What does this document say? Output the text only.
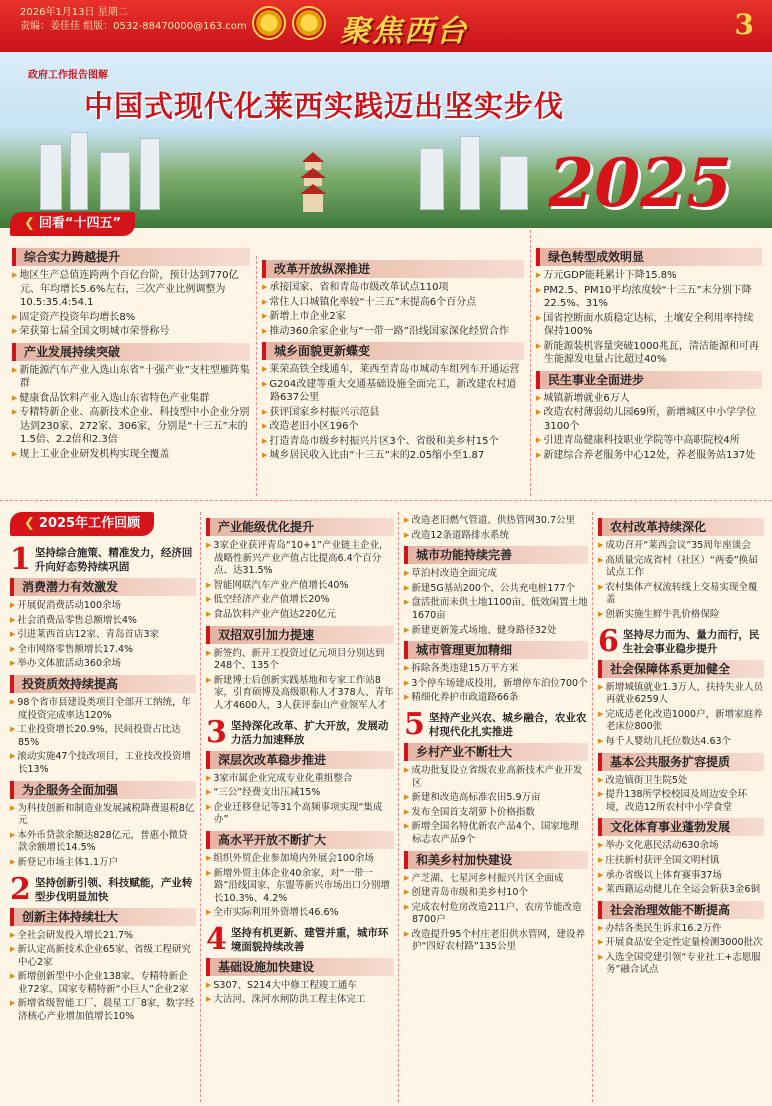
2026年1月13日 星期二
责编：姜佳佳 组版：0532-88470000@163.com	聚焦西台	3
政府工作报告图解
中国式现代化莱西实践迈出坚实步伐
2025
❮ 回看“十四五”
综合实力跨越提升
▶ 地区生产总值连跨两个百亿台阶，预计达到770亿元、年均增长5.6%左右，三次产业比例调整为10.5:35.4:54.1
▶ 固定资产投资年均增长8%
▶ 荣获第七届全国文明城市荣誉称号
产业发展持续突破
▶ 新能源汽车产业入选山东省“十强产业”支柱型雁阵集群
▶ 健康食品饮料产业入选山东省特色产业集群
▶ 专精特新企业、高新技术企业、科技型中小企业分别达到230家、272家、306家，分别是“十三五”末的1.5倍、2.2倍和2.3倍
▶ 规上工业企业研发机构实现全覆盖
改革开放纵深推进
▶ 承接国家、省和青岛市级改革试点110项
▶ 常住人口城镇化率较“十三五”末提高6个百分点
▶ 新增上市企业2家
▶ 推动360余家企业与“一带一路”沿线国家深化经贸合作
城乡面貌更新蝶变
▶ 莱荣高铁全线通车，莱西至青岛市城动车组列车开通运营
▶ G204改建等重大交通基础设施全面完工，新改建农村道路637公里
▶ 获评国家乡村振兴示范县
▶ 改造老旧小区196个
▶ 打造青岛市级乡村振兴片区3个、省级和美乡村15个
▶ 城乡居民收入比由“十三五”末的2.05缩小至1.87
绿色转型成效明显
▶ 万元GDP能耗累计下降15.8%
▶ PM2.5、PM10平均浓度较“十三五”末分别下降22.5%、31%
▶ 国省控断面水质稳定达标，土壤安全利用率持续保持100%
▶ 新能源装机容量突破1000兆瓦，清洁能源和可再生能源发电量占比超过40%
民生事业全面进步
▶ 城镇新增就业6万人
▶ 改造农村薄弱幼儿园69所，新增城区中小学学位3100个
▶ 引进青岛健康科技职业学院等中高职院校4所
▶ 新建综合养老服务中心12处，养老服务站137处
❮ 2025年工作回顾
1 坚持综合施策、精准发力，经济回升向好态势持续巩固
消费潜力有效激发
▶ 开展促消费活动100余场
▶ 社会消费品零售总额增长4%
▶ 引进莱西首店12家、青岛首店3家
▶ 全市网络零售额增长17.4%
▶ 举办文体旅活动360余场
投资质效持续提高
▶ 98个省市县建设类项目全部开工纳统，年度投资完成率达120%
▶ 工业投资增长20.9%，民间投资占比达85%
▶ 滚动实施47个技改项目，工业技改投资增长13%
为企服务全面加强
▶ 为科技创新和制造业发展减税降费退税8亿元
▶ 本外币贷款余额达828亿元，普惠小微贷款余额增长14.5%
▶ 新登记市场主体1.1万户
2 坚持创新引领、科技赋能，产业转型步伐明显加快
创新主体持续壮大
▶ 全社会研发投入增长21.7%
▶ 新认定高新技术企业65家、省级工程研究中心2家
▶ 新增创新型中小企业138家、专精特新企业72家、国家专精特新“小巨人”企业2家
▶ 新增省级智能工厂、晨星工厂8家，数字经济核心产业增加值增长10%
产业能级优化提升
▶ 3家企业获评青岛“10+1”产业链主企业，战略性新兴产业产值占比提高6.4个百分点、达31.5%
▶ 智能网联汽车产业产值增长40%
▶ 低空经济产业产值增长20%
▶ 食品饮料产业产值达220亿元
双招双引加力提速
▶ 新签约、新开工投资过亿元项目分别达到248个、135个
▶ 新建博士后创新实践基地和专家工作站8家，引育硕博及高级职称人才378人、青年人才4600人，3人获评泰山产业领军人才
3 坚持深化改革、扩大开放，发展动力活力加速释放
深层次改革稳步推进
▶ 3家市属企业完成专业化重组整合
▶ “三公”经费支出压减15%
▶ 企业迁移登记等31个高频事项实现“集成办”
高水平开放不断扩大
▶ 组织外贸企业参加境内外展会100余场
▶ 新增外贸主体企业40余家，对“一带一路”沿线国家、东盟等新兴市场出口分别增长10.3%、4.2%
▶ 全市实际利用外资增长46.6%
4 坚持有机更新、建管并重，城市环境面貌持续改善
基础设施加快建设
▶ S307、S214大中修工程竣工通车
▶ 大沽河、洙河水闸防洪工程主体完工
▶ 改造老旧燃气管道、供热管网30.7公里
▶ 改造12条道路排水系统
城市功能持续完善
▶ 草泊村改造全面完成
▶ 新建5G基站200个、公共充电桩177个
▶ 盘活批而未供土地1100亩、低效闲置土地1670亩
▶ 新建更新笼式场地、健身路径32处
城市管理更加精细
▶ 拆除各类违建15万平方米
▶ 3个停车场建成投用，新增停车泊位700个
▶ 精细化养护市政道路66条
5 坚持产业兴农、城乡融合，农业农村现代化扎实推进
乡村产业不断壮大
▶ 成功批复设立省级农业高新技术产业开发区
▶ 新建和改造高标准农田5.9万亩
▶ 发布全国首支胡萝卜价格指数
▶ 新增全国名特优新农产品4个、国家地理标志农产品9个
和美乡村加快建设
▶ 产芝湖、七星河乡村振兴片区全面成
▶ 创建青岛市级和美乡村10个
▶ 完成农村危房改造211户、农房节能改造8700户
▶ 改造提升95个村庄老旧供水管网，建设养护“四好农村路”135公里
农村改革持续深化
▶ 成功召开“莱西会议”35周年座谈会
▶ 高质量完成省村（社区）“两委”换届试点工作
▶ 农村集体产权流转线上交易实现全覆盖
▶ 创新实施生鲜牛乳价格保险
6 坚持尽力而为、量力而行，民生社会事业稳步提升
社会保障体系更加健全
▶ 新增城镇就业1.3万人，扶持失业人员再就业6259人
▶ 完成适老化改造1000户，新增家庭养老床位800张
▶ 每千人婴幼儿托位数达4.63个
基本公共服务扩容提质
▶ 改造镇街卫生院5处
▶ 提升138所学校校园及周边安全环境，改造12所农村中小学食堂
文化体育事业蓬勃发展
▶ 举办文化惠民活动630余场
▶ 庄扶新村获评全国文明村镇
▶ 承办省级以上体育赛事37场
▶ 莱西籍运动健儿在全运会斩获3金6铜
社会治理效能不断提高
▶ 办结各类民生诉求16.2万件
▶ 开展食品安全定性定量检测3000批次
▶ 入选全国党建引领“专业社工+志愿服务”融合试点
